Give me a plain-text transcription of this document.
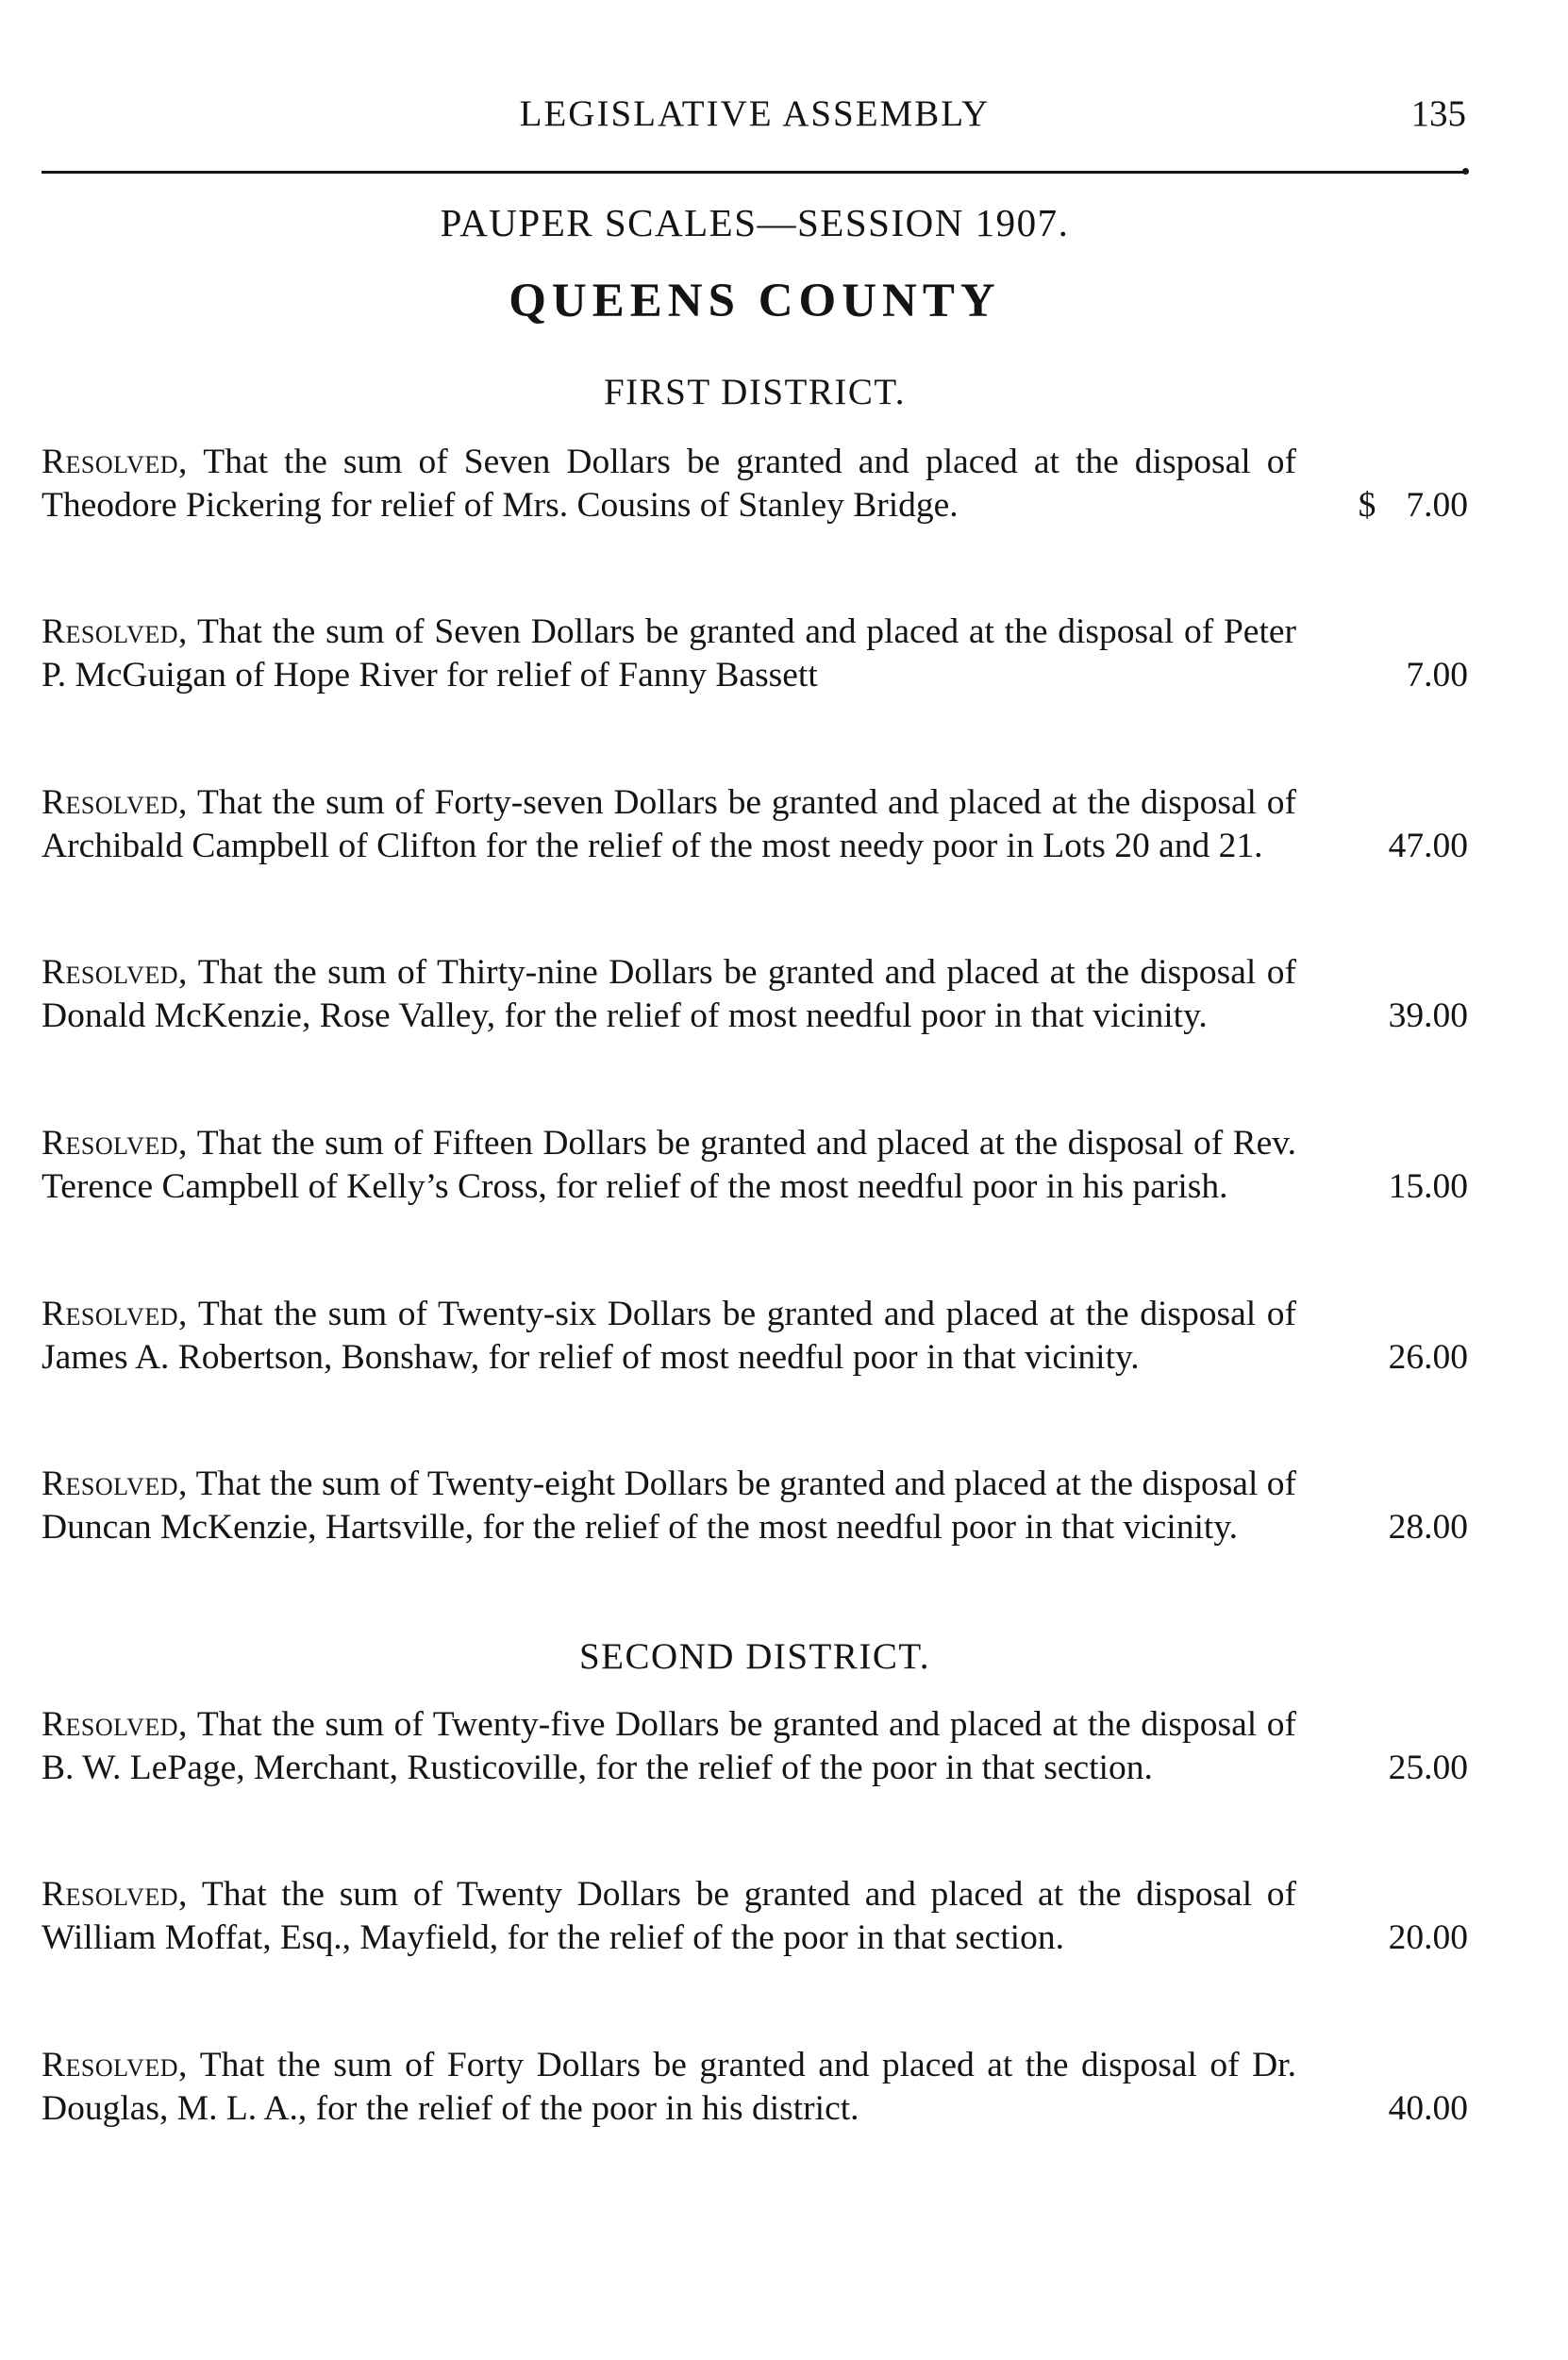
LEGISLATIVE ASSEMBLY	135
PAUPER SCALES—SESSION 1907.
QUEENS COUNTY
FIRST DISTRICT.
Resolved, That the sum of Seven Dollars be granted and placed at the disposal of Theodore Pickering for relief of Mrs. Cousins of Stanley Bridge.	$ 7.00
Resolved, That the sum of Seven Dollars be granted and placed at the disposal of Peter P. McGuigan of Hope River for relief of Fanny Bassett	7.00
Resolved, That the sum of Forty-seven Dollars be granted and placed at the disposal of Archibald Campbell of Clifton for the relief of the most needy poor in Lots 20 and 21.	47.00
Resolved, That the sum of Thirty-nine Dollars be granted and placed at the disposal of Donald McKenzie, Rose Valley, for the relief of most needful poor in that vicinity.	39.00
Resolved, That the sum of Fifteen Dollars be granted and placed at the disposal of Rev. Terence Campbell of Kelly’s Cross, for relief of the most needful poor in his parish.	15.00
Resolved, That the sum of Twenty-six Dollars be granted and placed at the disposal of James A. Robertson, Bonshaw, for relief of most needful poor in that vicinity.	26.00
Resolved, That the sum of Twenty-eight Dollars be granted and placed at the disposal of Duncan McKenzie, Hartsville, for the relief of the most needful poor in that vicinity.	28.00
SECOND DISTRICT.
Resolved, That the sum of Twenty-five Dollars be granted and placed at the disposal of B. W. LePage, Merchant, Rusticoville, for the relief of the poor in that section.	25.00
Resolved, That the sum of Twenty Dollars be granted and placed at the disposal of William Moffat, Esq., Mayfield, for the relief of the poor in that section.	20.00
Resolved, That the sum of Forty Dollars be granted and placed at the disposal of Dr. Douglas, M. L. A., for the relief of the poor in his district.	40.00
